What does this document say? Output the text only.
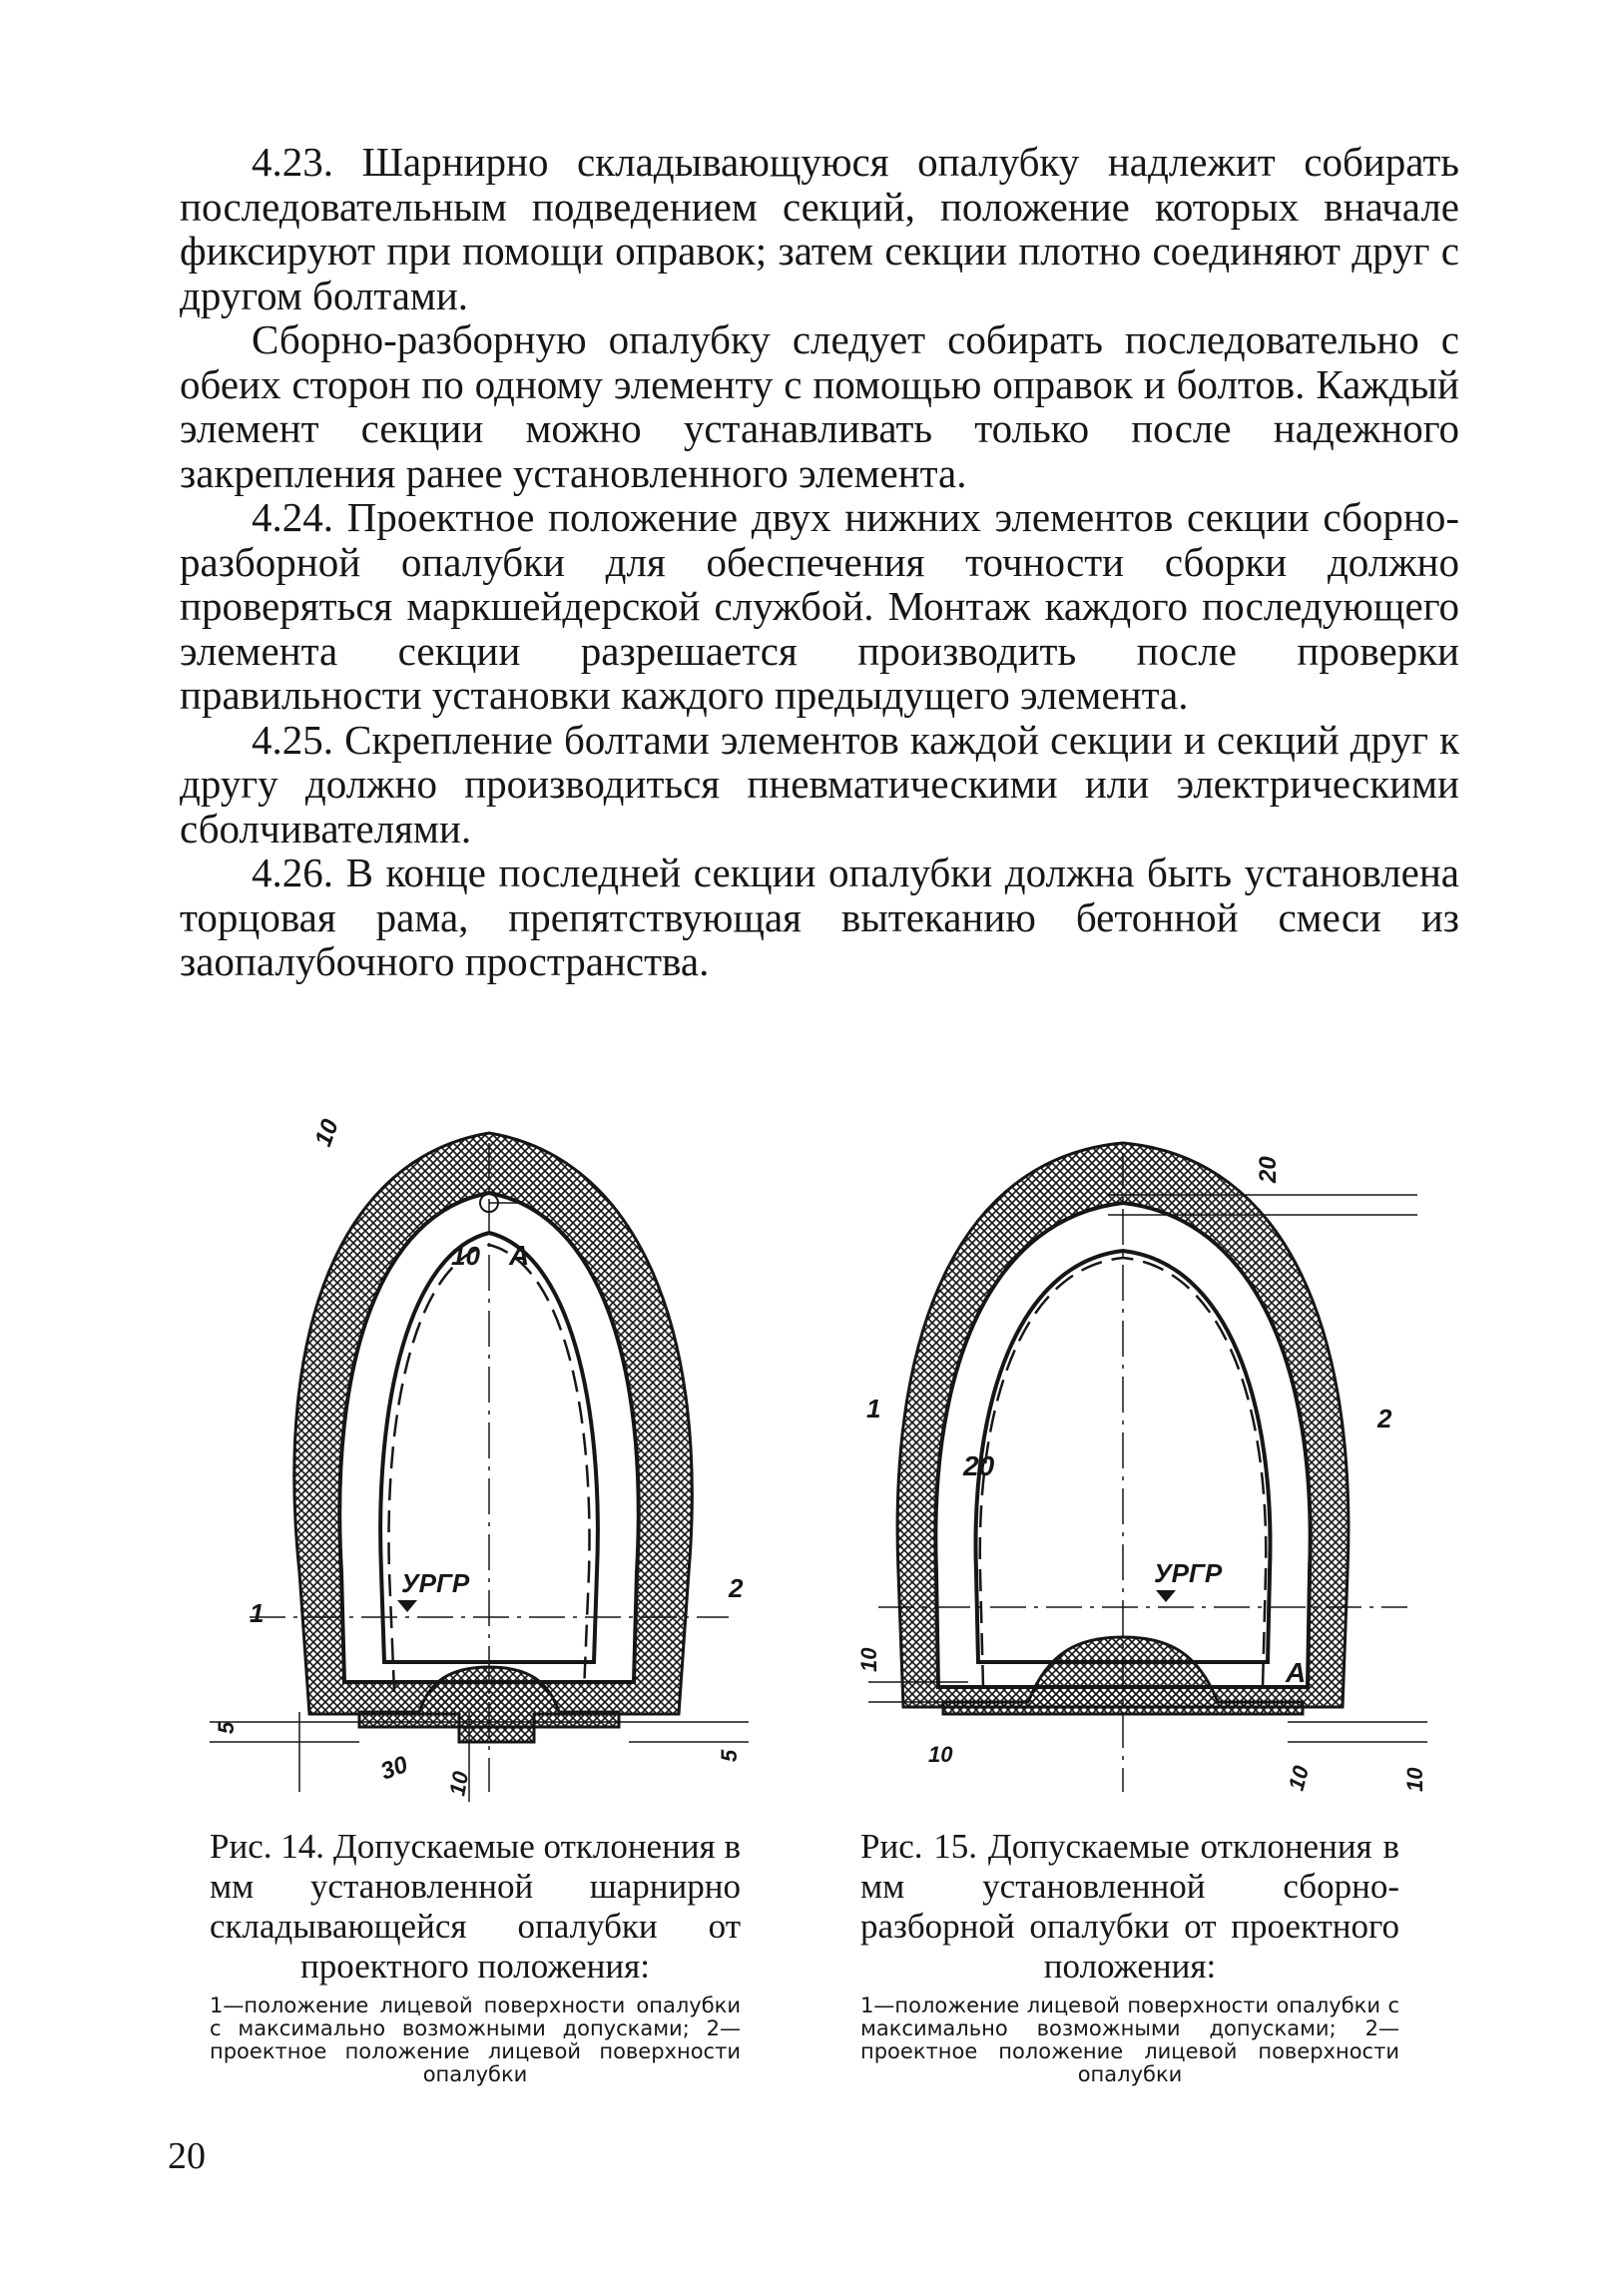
4.23. Шарнирно складывающуюся опалубку надлежит собирать последовательным подведением секций, положение которых вначале фиксируют при помощи оправок; затем секции плотно соединяют друг с другом болтами.

Сборно-разборную опалубку следует собирать последовательно с обеих сторон по одному элементу с помощью оправок и болтов. Каждый элемент секции можно устанавливать только после надежного закрепления ранее установленного элемента.

4.24. Проектное положение двух нижних элементов секции сборно-разборной опалубки для обеспечения точности сборки должно проверяться маркшейдерской службой. Монтаж каждого последующего элемента секции разрешается производить после проверки правильности установки каждого предыдущего элемента.

4.25. Скрепление болтами элементов каждой секции и секций друг к другу должно производиться пневматическими или электрическими сболчивателями.

4.26. В конце последней секции опалубки должна быть установлена торцовая рама, препятствующая вытеканию бетонной смеси из заопалубочного пространства.

10
10 A
УРГР
1
2
5
30 10
5
20
20
A
УРГР
1	2
10
10
10	10

Рис. 14. Допускаемые отклонения в мм установленной шарнирно складывающейся опалубки от проектного положения:

1—положение лицевой поверхности опалубки с максимально возможными допусками; 2—проектное положение лицевой поверхности опалубки

Рис. 15. Допускаемые отклонения в мм установленной сборно-разборной опалубки от проектного положения:

1—положение лицевой поверхности опалубки с максимально возможными допусками; 2—проектное положение лицевой поверхности опалубки

20
